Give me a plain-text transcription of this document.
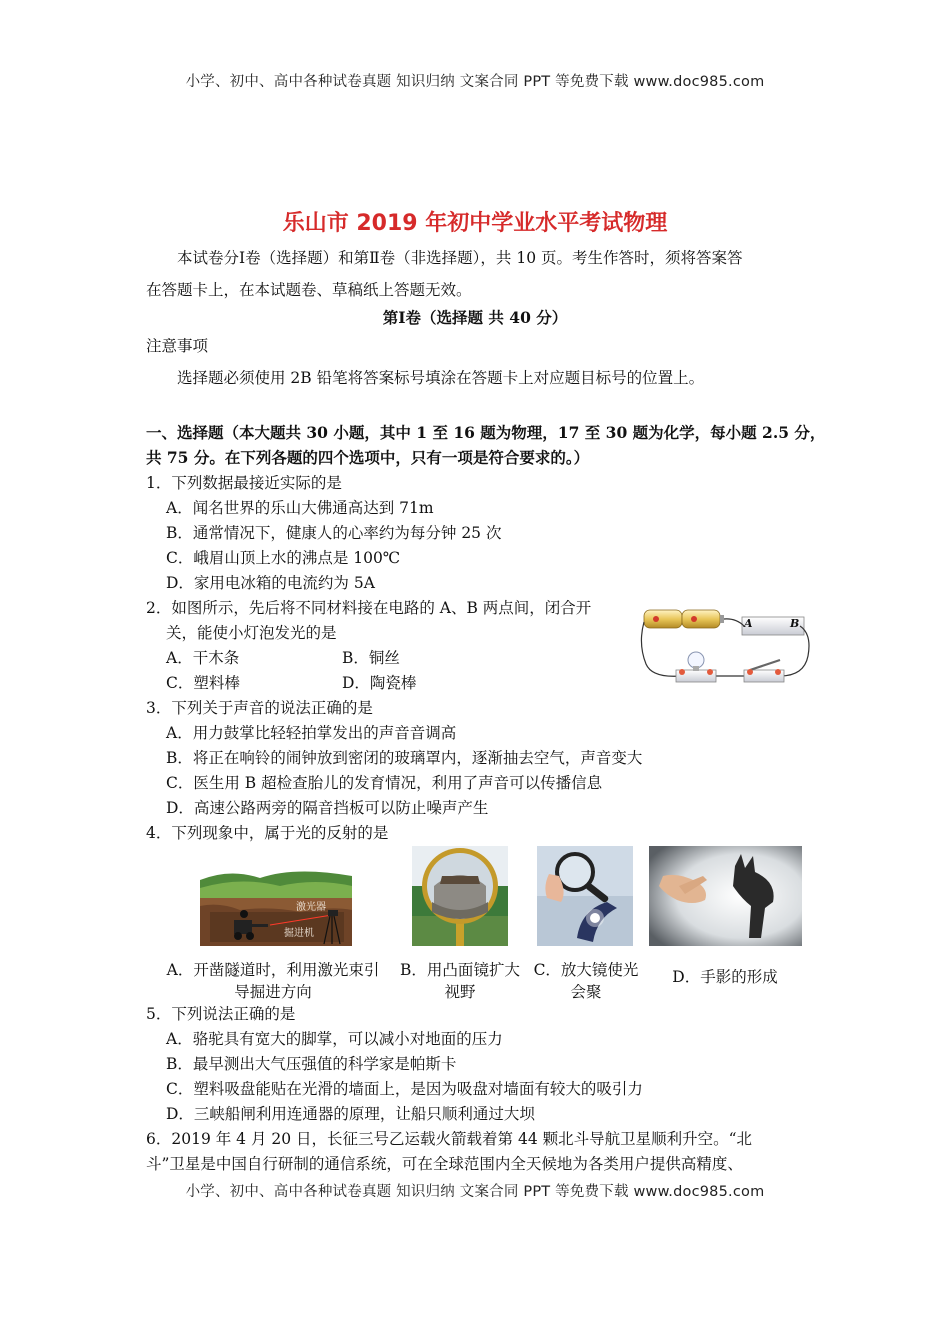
小学、初中、高中各种试卷真题 知识归纳 文案合同 PPT 等免费下载 www.doc985.com
乐山市 2019 年初中学业水平考试物理
本试卷分Ⅰ卷（选择题）和第Ⅱ卷（非选择题），共 10 页。考生作答时，须将答案答
在答题卡上，在本试题卷、草稿纸上答题无效。
第Ⅰ卷（选择题 共 40 分）
注意事项
选择题必须使用 2B 铅笔将答案标号填涂在答题卡上对应题目标号的位置上。
一、选择题（本大题共 30 小题，其中 1 至 16 题为物理，17 至 30 题为化学，每小题 2.5 分，
共 75 分。在下列各题的四个选项中，只有一项是符合要求的。）
1．下列数据最接近实际的是
A．闻名世界的乐山大佛通高达到 71m
B．通常情况下，健康人的心率约为每分钟 25 次
C．峨眉山顶上水的沸点是 100℃
D．家用电冰箱的电流约为 5A
2．如图所示，先后将不同材料接在电路的 A、B 两点间，闭合开
关，能使小灯泡发光的是
A．干木条	B．铜丝
C．塑料棒	D．陶瓷棒
A	B
3．下列关于声音的说法正确的是
A．用力鼓掌比轻轻拍掌发出的声音音调高
B．将正在响铃的闹钟放到密闭的玻璃罩内，逐渐抽去空气，声音变大
C．医生用 B 超检查胎儿的发育情况，利用了声音可以传播信息
D．高速公路两旁的隔音挡板可以防止噪声产生
4．下列现象中，属于光的反射的是
激光器
掘进机
A．开凿隧道时，利用激光束引
导掘进方向
B．用凸面镜扩大
视野
C．放大镜使光
会聚
D．手影的形成
5．下列说法正确的是
A．骆驼具有宽大的脚掌，可以减小对地面的压力
B．最早测出大气压强值的科学家是帕斯卡
C．塑料吸盘能贴在光滑的墙面上，是因为吸盘对墙面有较大的吸引力
D．三峡船闸利用连通器的原理，让船只顺利通过大坝
6．2019 年 4 月 20 日，长征三号乙运载火箭载着第 44 颗北斗导航卫星顺利升空。“北
斗”卫星是中国自行研制的通信系统，可在全球范围内全天候地为各类用户提供高精度、
小学、初中、高中各种试卷真题 知识归纳 文案合同 PPT 等免费下载 www.doc985.com
